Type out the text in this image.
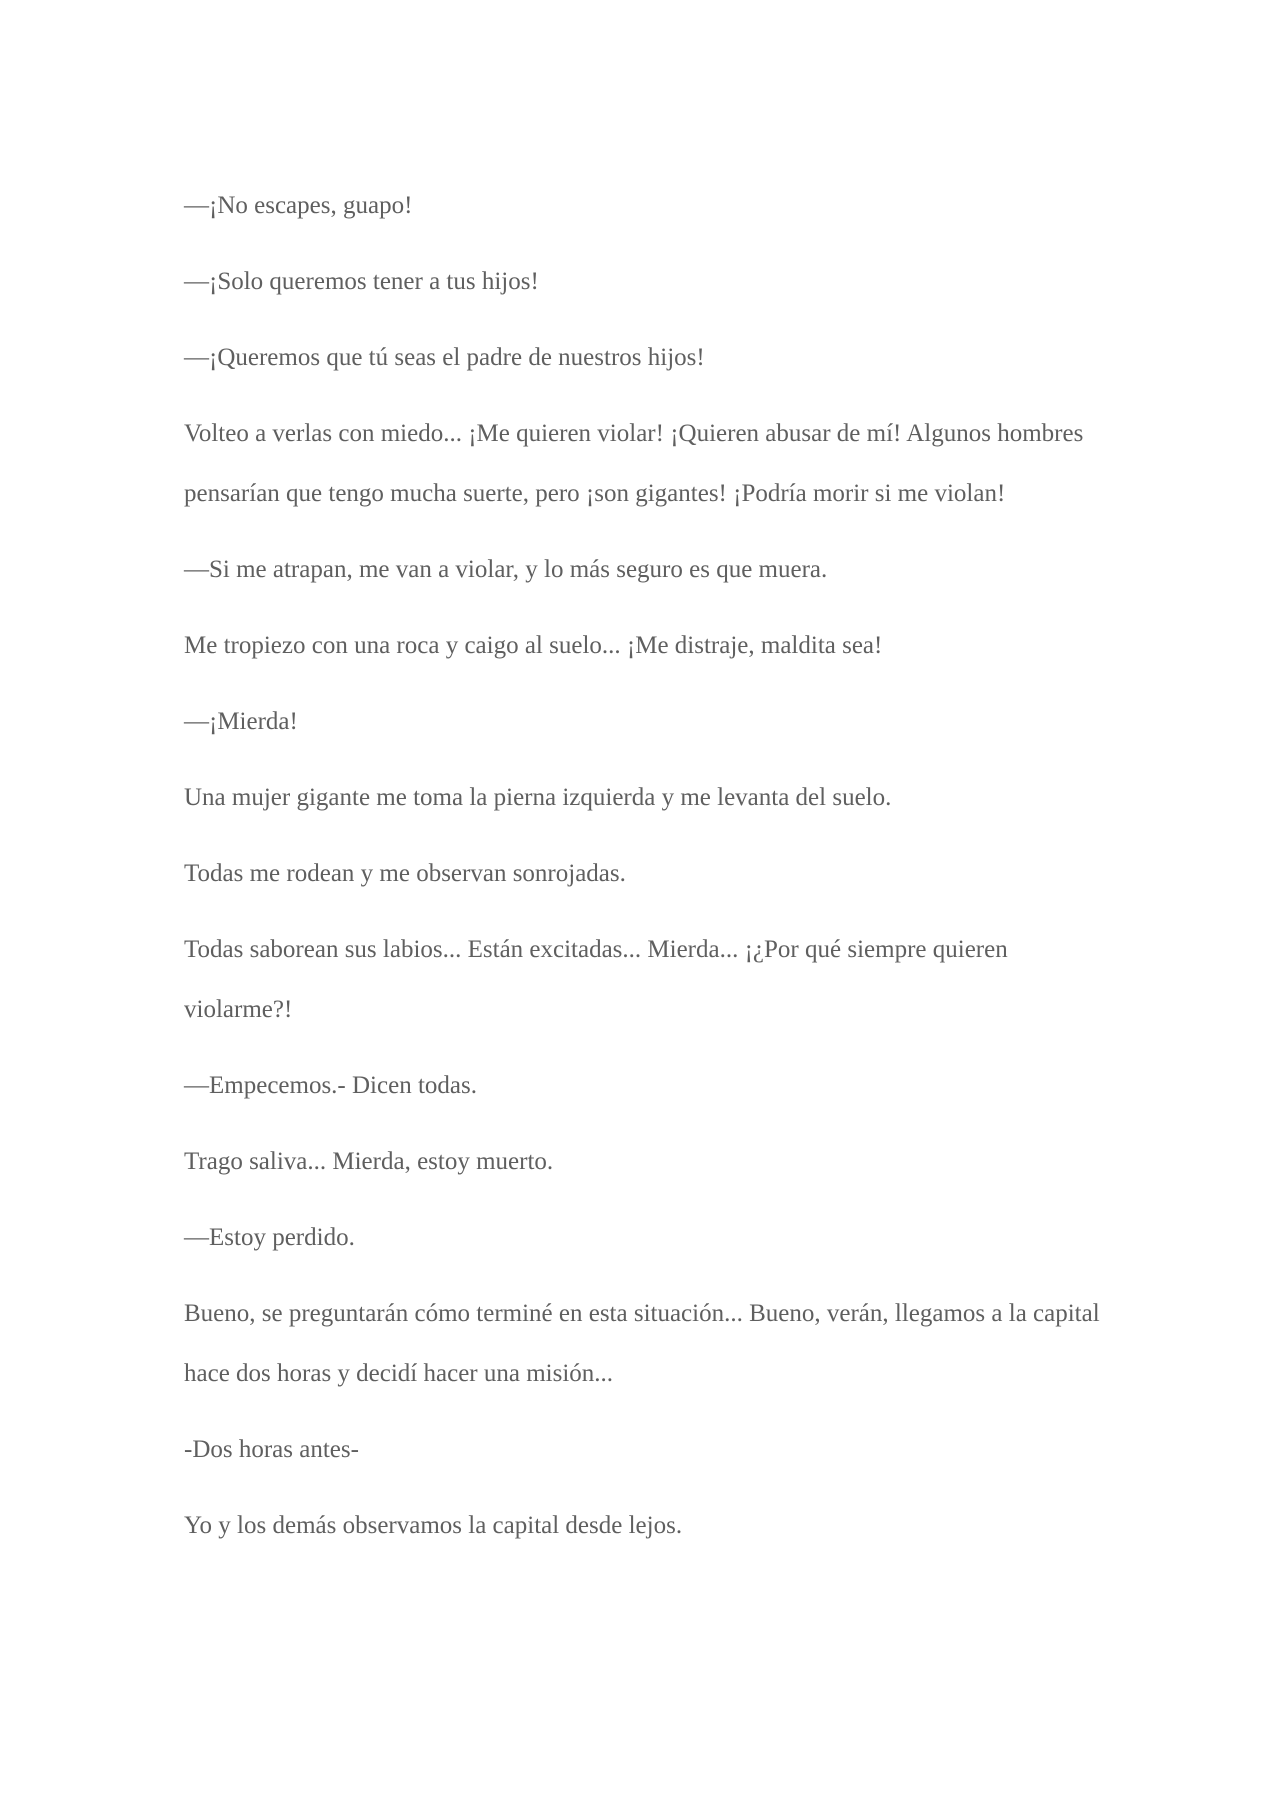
—¡No escapes, guapo!

—¡Solo queremos tener a tus hijos!

—¡Queremos que tú seas el padre de nuestros hijos!

Volteo a verlas con miedo... ¡Me quieren violar! ¡Quieren abusar de mí! Algunos hombres pensarían que tengo mucha suerte, pero ¡son gigantes! ¡Podría morir si me violan!

—Si me atrapan, me van a violar, y lo más seguro es que muera.

Me tropiezo con una roca y caigo al suelo... ¡Me distraje, maldita sea!

—¡Mierda!

Una mujer gigante me toma la pierna izquierda y me levanta del suelo.

Todas me rodean y me observan sonrojadas.

Todas saborean sus labios... Están excitadas... Mierda... ¡¿Por qué siempre quieren violarme?!

—Empecemos.- Dicen todas.

Trago saliva... Mierda, estoy muerto.

—Estoy perdido.

Bueno, se preguntarán cómo terminé en esta situación... Bueno, verán, llegamos a la capital hace dos horas y decidí hacer una misión...

-Dos horas antes-

Yo y los demás observamos la capital desde lejos.
